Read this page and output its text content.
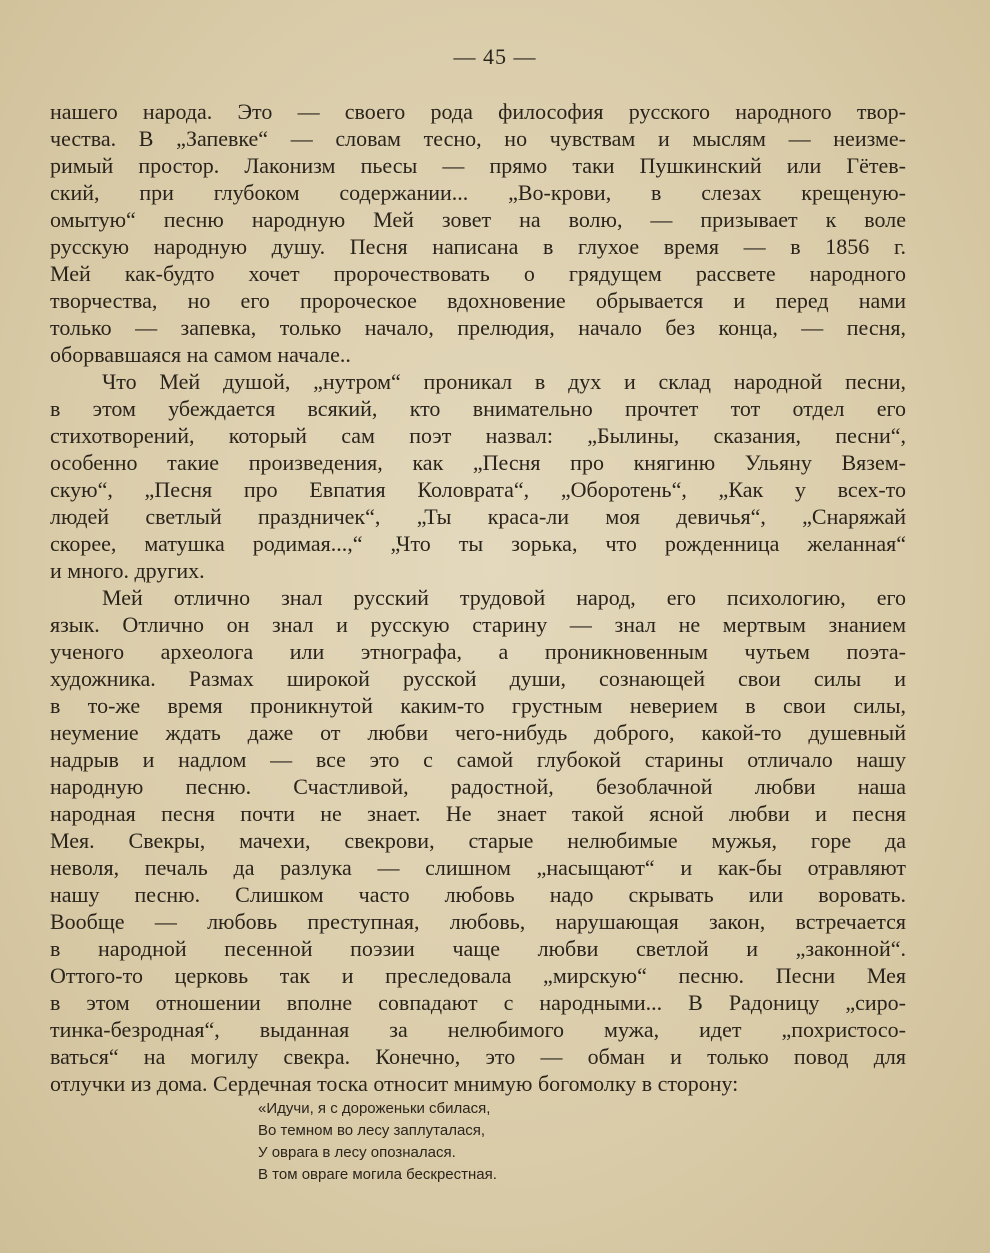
— 45 —

нашего народа. Это — своего рода философия русского народного твор-
чества. В „Запевке“ — словам тесно, но чувствам и мыслям — неизме-
римый простор. Лаконизм пьесы — прямо таки Пушкинский или Гётев-
ский, при глубоком содержании... „Во-крови, в слезах крещеную-
омытую“ песню народную Мей зовет на волю, — призывает к воле
русскую народную душу. Песня написана в глухое время — в 1856 г.
Мей как-будто хочет пророчествовать о грядущем рассвете народного
творчества, но его пророческое вдохновение обрывается и перед нами
только — запевка, только начало, прелюдия, начало без конца, — песня,
оборвавшаяся на самом начале..

Что Мей душой, „нутром“ проникал в дух и склад народной песни,
в этом убеждается всякий, кто внимательно прочтет тот отдел его
стихотворений, который сам поэт назвал: „Былины, сказания, песни“,
особенно такие произведения, как „Песня про княгиню Ульяну Вязем-
скую“, „Песня про Евпатия Коловрата“, „Оборотень“, „Как у всех-то
людей светлый праздничек“, „Ты краса-ли моя девичья“, „Снаряжай
скорее, матушка родимая...,“ „Что ты зорька, что рожденница желанная“
и много. других.

Мей отлично знал русский трудовой народ, его психологию, его
язык. Отлично он знал и русскую старину — знал не мертвым знанием
ученого археолога или этнографа, а проникновенным чутьем поэта-
художника. Размах широкой русской души, сознающей свои силы и
в то-же время проникнутой каким-то грустным неверием в свои силы,
неумение ждать даже от любви чего-нибудь доброго, какой-то душевный
надрыв и надлом — все это с самой глубокой старины отличало нашу
народную песню. Счастливой, радостной, безоблачной любви наша
народная песня почти не знает. Не знает такой ясной любви и песня
Мея. Свекры, мачехи, свекрови, старые нелюбимые мужья, горе да
неволя, печаль да разлука — слишном „насыщают“ и как-бы отравляют
нашу песню. Слишком часто любовь надо скрывать или воровать.
Вообще — любовь преступная, любовь, нарушающая закон, встречается
в народной песенной поэзии чаще любви светлой и „законной“.
Оттого-то церковь так и преследовала „мирскую“ песню. Песни Мея
в этом отношении вполне совпадают с народными... В Радоницу „сиро-
тинка-безродная“, выданная за нелюбимого мужа, идет „похристосо-
ваться“ на могилу свекра. Конечно, это — обман и только повод для
отлучки из дома. Сердечная тоска относит мнимую богомолку в сторону:

«Идучи, я с доpоженьки сбилася,
Во темном во лесу заплуталася,
У оврага в лесу опознaлася.
В том овраге могила бескрестная.
